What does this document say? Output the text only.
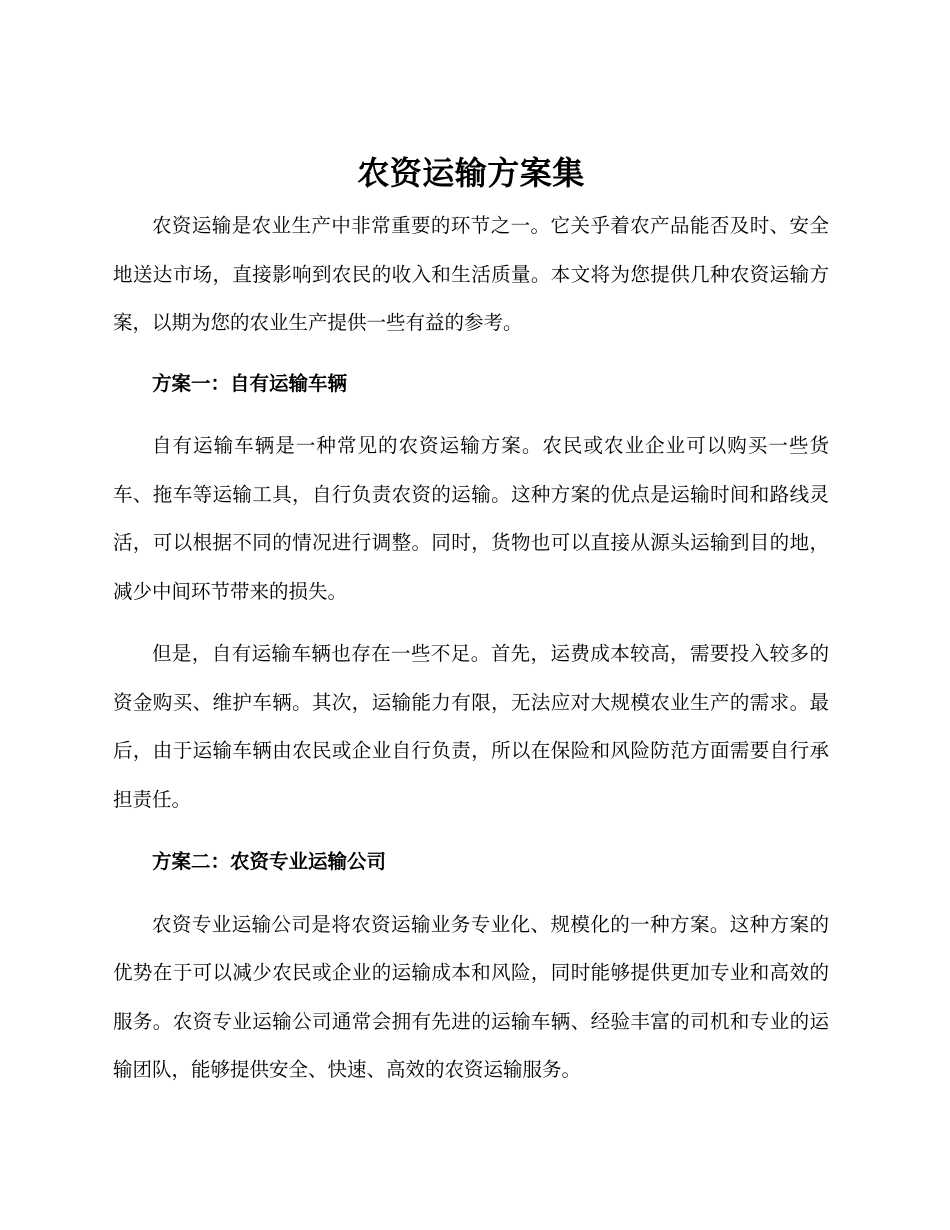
农资运输方案集

农资运输是农业生产中非常重要的环节之一。它关乎着农产品能否及时、安全地送达市场，直接影响到农民的收入和生活质量。本文将为您提供几种农资运输方案，以期为您的农业生产提供一些有益的参考。

方案一：自有运输车辆

自有运输车辆是一种常见的农资运输方案。农民或农业企业可以购买一些货车、拖车等运输工具，自行负责农资的运输。这种方案的优点是运输时间和路线灵活，可以根据不同的情况进行调整。同时，货物也可以直接从源头运输到目的地，减少中间环节带来的损失。

但是，自有运输车辆也存在一些不足。首先，运费成本较高，需要投入较多的资金购买、维护车辆。其次，运输能力有限，无法应对大规模农业生产的需求。最后，由于运输车辆由农民或企业自行负责，所以在保险和风险防范方面需要自行承担责任。

方案二：农资专业运输公司

农资专业运输公司是将农资运输业务专业化、规模化的一种方案。这种方案的优势在于可以减少农民或企业的运输成本和风险，同时能够提供更加专业和高效的服务。农资专业运输公司通常会拥有先进的运输车辆、经验丰富的司机和专业的运输团队，能够提供安全、快速、高效的农资运输服务。
